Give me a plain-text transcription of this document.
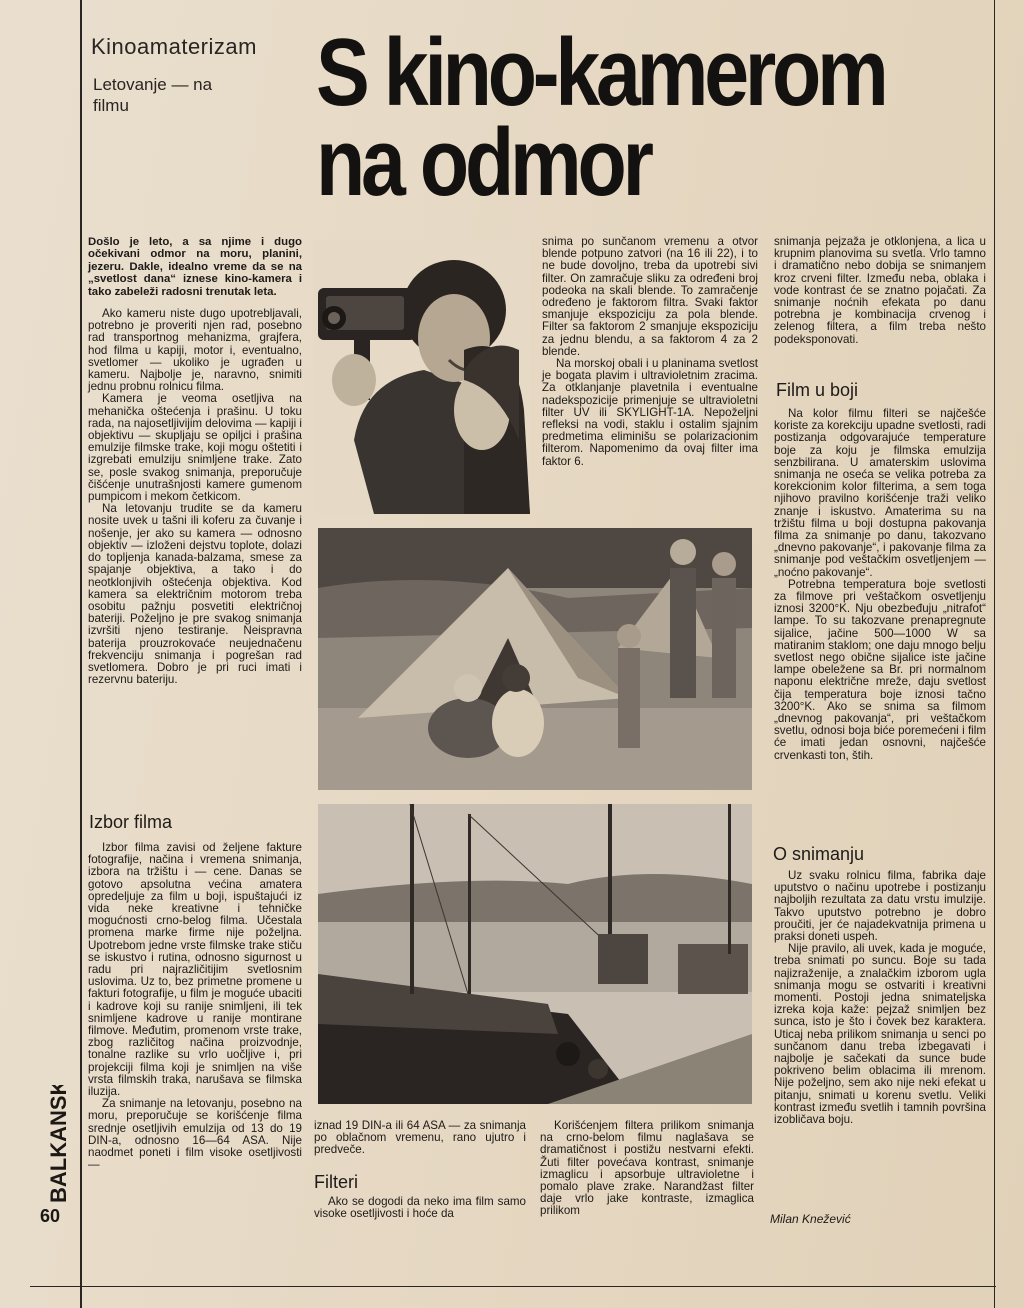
Kinoamaterizam
Letovanje — na filmu	S kino-kamerom
na odmor

Došlo je leto, a sa njime i dugo očekivani odmor na moru, planini, jezeru. Dakle, idealno vreme da se na „svetlost dana“ iznese kino-kamera i tako zabeleži radosni trenutak leta.

Ako kameru niste dugo upotrebljavali, potrebno je proveriti njen rad, posebno rad transportnog mehanizma, grajfera, hod filma u kapiji, motor i, eventualno, svetlomer — ukoliko je ugrađen u kameru. Najbolje je, naravno, snimiti jednu probnu rolnicu filma.

Kamera je veoma osetljiva na mehanička oštećenja i prašinu. U toku rada, na najosetljivijim delovima — kapiji i objektivu — skupljaju se opiljci i prašina emulzije filmske trake, koji mogu oštetiti i izgrebati emulziju snimljene trake. Zato se, posle svakog snimanja, preporučuje čišćenje unutrašnjosti kamere gumenom pumpicom i mekom četkicom.

Na letovanju trudite se da kameru nosite uvek u tašni ili koferu za čuvanje i nošenje, jer ako su kamera — odnosno objektiv — izloženi dejstvu toplote, dolazi do topljenja kanada-balzama, smese za spajanje objektiva, a tako i do neotklonjivih oštećenja objektiva. Kod kamera sa električnim motorom treba osobitu pažnju posvetiti električnoj bateriji. Poželjno je pre svakog snimanja izvršiti njeno testiranje. Neispravna baterija prouzrokovaće neujednačenu frekvenciju snimanja i pogrešan rad svetlomera. Dobro je pri ruci imati i rezervnu bateriju.

Izbor filma

Izbor filma zavisi od željene fakture fotografije, načina i vremena snimanja, izbora na tržištu i — cene. Danas se gotovo apsolutna većina amatera opredeljuje za film u boji, ispuštajući iz vida neke kreativne i tehničke mogućnosti crno-belog filma. Učestala promena marke firme nije poželjna. Upotrebom jedne vrste filmske trake stiču se iskustvo i rutina, odnosno sigurnost u radu pri najrazličitijim svetlosnim uslovima. Uz to, bez primetne promene u fakturi fotografije, u film je moguće ubaciti i kadrove koji su ranije snimljeni, ili tek snimljene kadrove u ranije montirane filmove. Međutim, promenom vrste trake, zbog različitog načina proizvodnje, tonalne razlike su vrlo uočljive i, pri projekciji filma koji je snimljen na više vrsta filmskih traka, narušava se filmska iluzija.

Za snimanje na letovanju, posebno na moru, preporučuje se korišćenje filma srednje osetljivih emulzija od 13 do 19 DIN-a, odnosno 16—64 ASA. Nije naodmet poneti i film visoke osetljivosti —

snima po sunčanom vremenu a otvor blende potpuno zatvori (na 16 ili 22), i to ne bude dovoljno, treba da upotrebi sivi filter. On zamračuje sliku za određeni broj podeoka na skali blende. To zamračenje određeno je faktorom filtra. Svaki faktor smanjuje ekspoziciju za pola blende. Filter sa faktorom 2 smanjuje ekspoziciju za jednu blendu, a sa faktorom 4 za 2 blende.

Na morskoj obali i u planinama svetlost je bogata plavim i ultravioletnim zracima. Za otklanjanje plavetnila i eventualne nadekspozicije primenjuje se ultravioletni filter UV ili SKYLIGHT-1A. Nepoželjni refleksi na vodi, staklu i ostalim sjajnim predmetima eliminišu se polarizacionim filterom. Napomenimo da ovaj filter ima faktor 6.

iznad 19 DIN-a ili 64 ASA — za snimanja po oblačnom vremenu, rano ujutro i predveče.

Filteri

Ako se dogodi da neko ima film samo visoke osetljivosti i hoće da

Korišćenjem filtera prilikom snimanja na crno-belom filmu naglašava se dramatičnost i postižu nestvarni efekti. Žuti filter povećava kontrast, snimanje izmaglicu i apsorbuje ultravioletne i pomalo plave zrake. Narandžast filter daje vrlo jake kontraste, izmaglica prilikom

snimanja pejzaža je otklonjena, a lica u krupnim planovima su svetla. Vrlo tamno i dramatično nebo dobija se snimanjem kroz crveni filter. Između neba, oblaka i vode kontrast će se znatno pojačati. Za snimanje noćnih efekata po danu potrebna je kombinacija crvenog i zelenog filtera, a film treba nešto podeksponovati.

Film u boji

Na kolor filmu filteri se najčešće koriste za korekciju upadne svetlosti, radi postizanja odgovarajuće temperature boje za koju je filmska emulzija senzbilirana. U amaterskim uslovima snimanja ne oseća se velika potreba za korekcionim kolor filterima, a sem toga njihovo pravilno korišćenje traži veliko znanje i iskustvo. Amaterima su na tržištu filma u boji dostupna pakovanja filma za snimanje po danu, takozvano „dnevno pakovanje“, i pakovanje filma za snimanje pod veštačkim osvetljenjem — „noćno pakovanje“.

Potrebna temperatura boje svetlosti za filmove pri veštačkom osvetljenju iznosi 3200°K. Nju obezbeđuju „nitrafot“ lampe. To su takozvane prenapregnute sijalice, jačine 500—1000 W sa matiranim staklom; one daju mnogo belju svetlost nego obične sijalice iste jačine lampe obeležene sa Br. pri normalnom naponu električne mreže, daju svetlost čija temperatura boje iznosi tačno 3200°K. Ako se snima sa filmom „dnevnog pakovanja“, pri veštačkom svetlu, odnosi boja biće poremećeni i film će imati jedan osnovni, najčešće crvenkasti ton, štih.

O snimanju

Uz svaku rolnicu filma, fabrika daje uputstvo o načinu upotrebe i postizanju najboljih rezultata za datu vrstu imulzije. Takvo uputstvo potrebno je dobro proučiti, jer će najadekvatnija primena u praksi doneti uspeh.

Nije pravilo, ali uvek, kada je moguće, treba snimati po suncu. Boje su tada najizraženije, a znalačkim izborom ugla snimanja mogu se ostvariti i kreativni momenti. Postoji jedna snimateljska izreka koja kaže: pejzaž snimljen bez sunca, isto je što i čovek bez karaktera. Uticaj neba prilikom snimanja u senci po sunčanom danu treba izbegavati i najbolje je sačekati da sunce bude pokriveno belim oblacima ili mrenom. Nije poželjno, sem ako nije neki efekat u pitanju, snimati u korenu svetlu. Veliki kontrast između svetlih i tamnih površina izobličava boju.

Milan Knežević
BALKANSKA
60
